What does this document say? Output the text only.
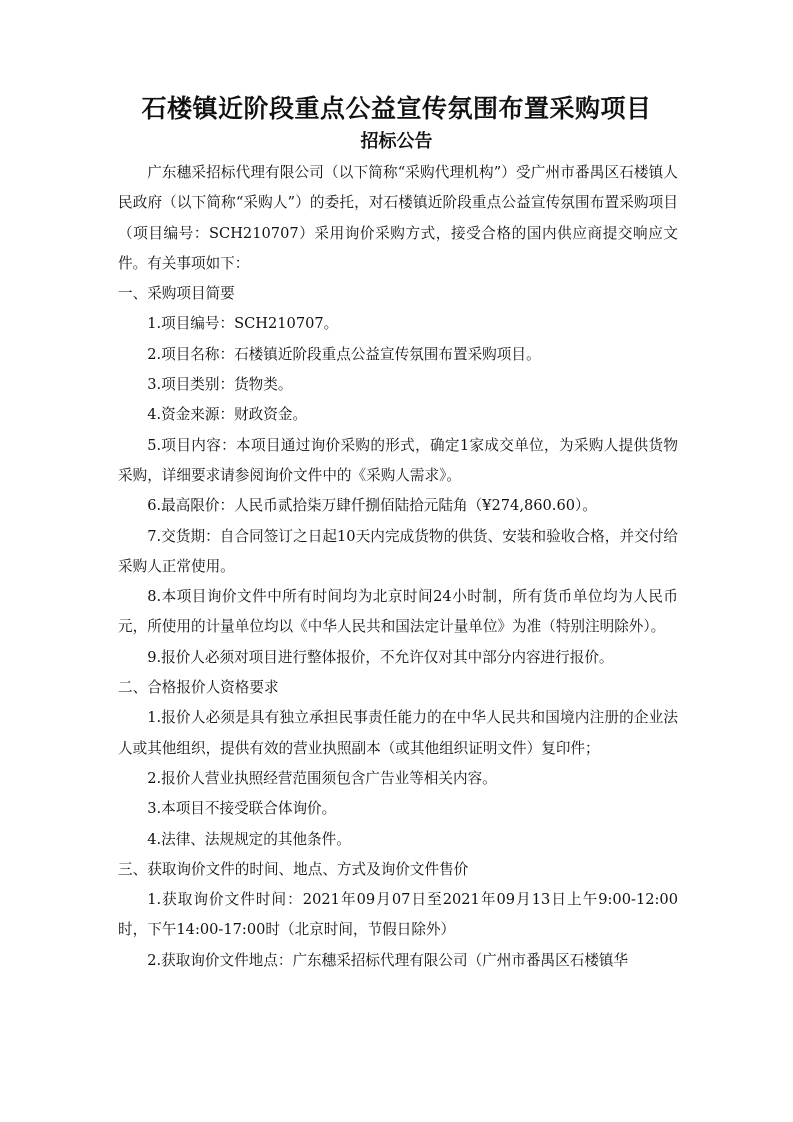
石楼镇近阶段重点公益宣传氛围布置采购项目
招标公告

广东穗采招标代理有限公司（以下简称“采购代理机构”）受广州市番禺区石楼镇人民政府（以下简称“采购人”）的委托，对石楼镇近阶段重点公益宣传氛围布置采购项目（项目编号：SCH210707）采用询价采购方式，接受合格的国内供应商提交响应文件。有关事项如下：

一、采购项目简要

1.项目编号：SCH210707。

2.项目名称：石楼镇近阶段重点公益宣传氛围布置采购项目。

3.项目类别：货物类。

4.资金来源：财政资金。

5.项目内容：本项目通过询价采购的形式，确定1家成交单位，为采购人提供货物采购，详细要求请参阅询价文件中的《采购人需求》。

6.最高限价：人民币贰拾柒万肆仟捌佰陆拾元陆角（¥274,860.60）。

7.交货期：自合同签订之日起10天内完成货物的供货、安装和验收合格，并交付给采购人正常使用。

8.本项目询价文件中所有时间均为北京时间24小时制，所有货币单位均为人民币元，所使用的计量单位均以《中华人民共和国法定计量单位》为准（特别注明除外）。

9.报价人必须对项目进行整体报价，不允许仅对其中部分内容进行报价。

二、合格报价人资格要求

1.报价人必须是具有独立承担民事责任能力的在中华人民共和国境内注册的企业法人或其他组织，提供有效的营业执照副本（或其他组织证明文件）复印件；

2.报价人营业执照经营范围须包含广告业等相关内容。

3.本项目不接受联合体询价。

4.法律、法规规定的其他条件。

三、获取询价文件的时间、地点、方式及询价文件售价

1.获取询价文件时间：2021年09月07日至2021年09月13日上午9:00-12:00时，下午14:00-17:00时（北京时间，节假日除外）

2.获取询价文件地点：广东穗采招标代理有限公司（广州市番禺区石楼镇华
